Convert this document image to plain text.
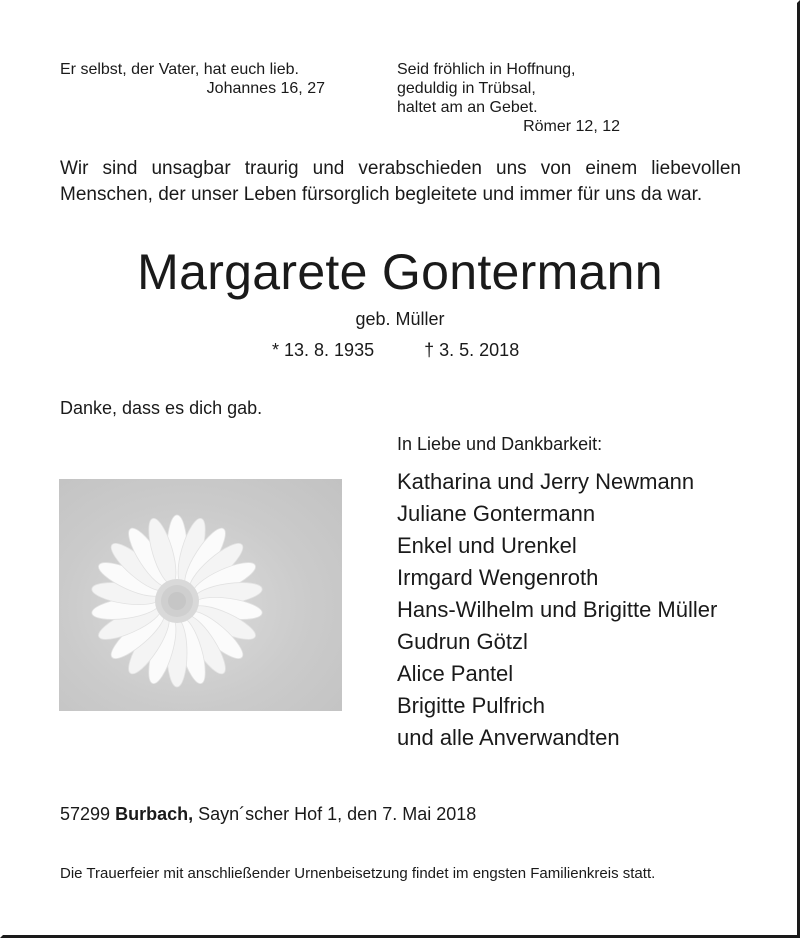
Er selbst, der Vater, hat euch lieb.
Johannes 16, 27
Seid fröhlich in Hoffnung,
geduldig in Trübsal,
haltet am an Gebet.
Römer 12, 12
Wir sind unsagbar traurig und verabschieden uns von einem liebevollen Menschen, der unser Leben fürsorglich begleitete und immer für uns da war.
Margarete Gontermann
geb. Müller
* 13. 8. 1935	† 3. 5. 2018
Danke, dass es dich gab.
In Liebe und Dankbarkeit:
Katharina und Jerry Newmann
Juliane Gontermann
Enkel und Urenkel
Irmgard Wengenroth
Hans-Wilhelm und Brigitte Müller
Gudrun Götzl
Alice Pantel
Brigitte Pulfrich
und alle Anverwandten
57299 Burbach, Sayn´scher Hof 1, den 7. Mai 2018
Die Trauerfeier mit anschließender Urnenbeisetzung findet im engsten Familienkreis statt.
